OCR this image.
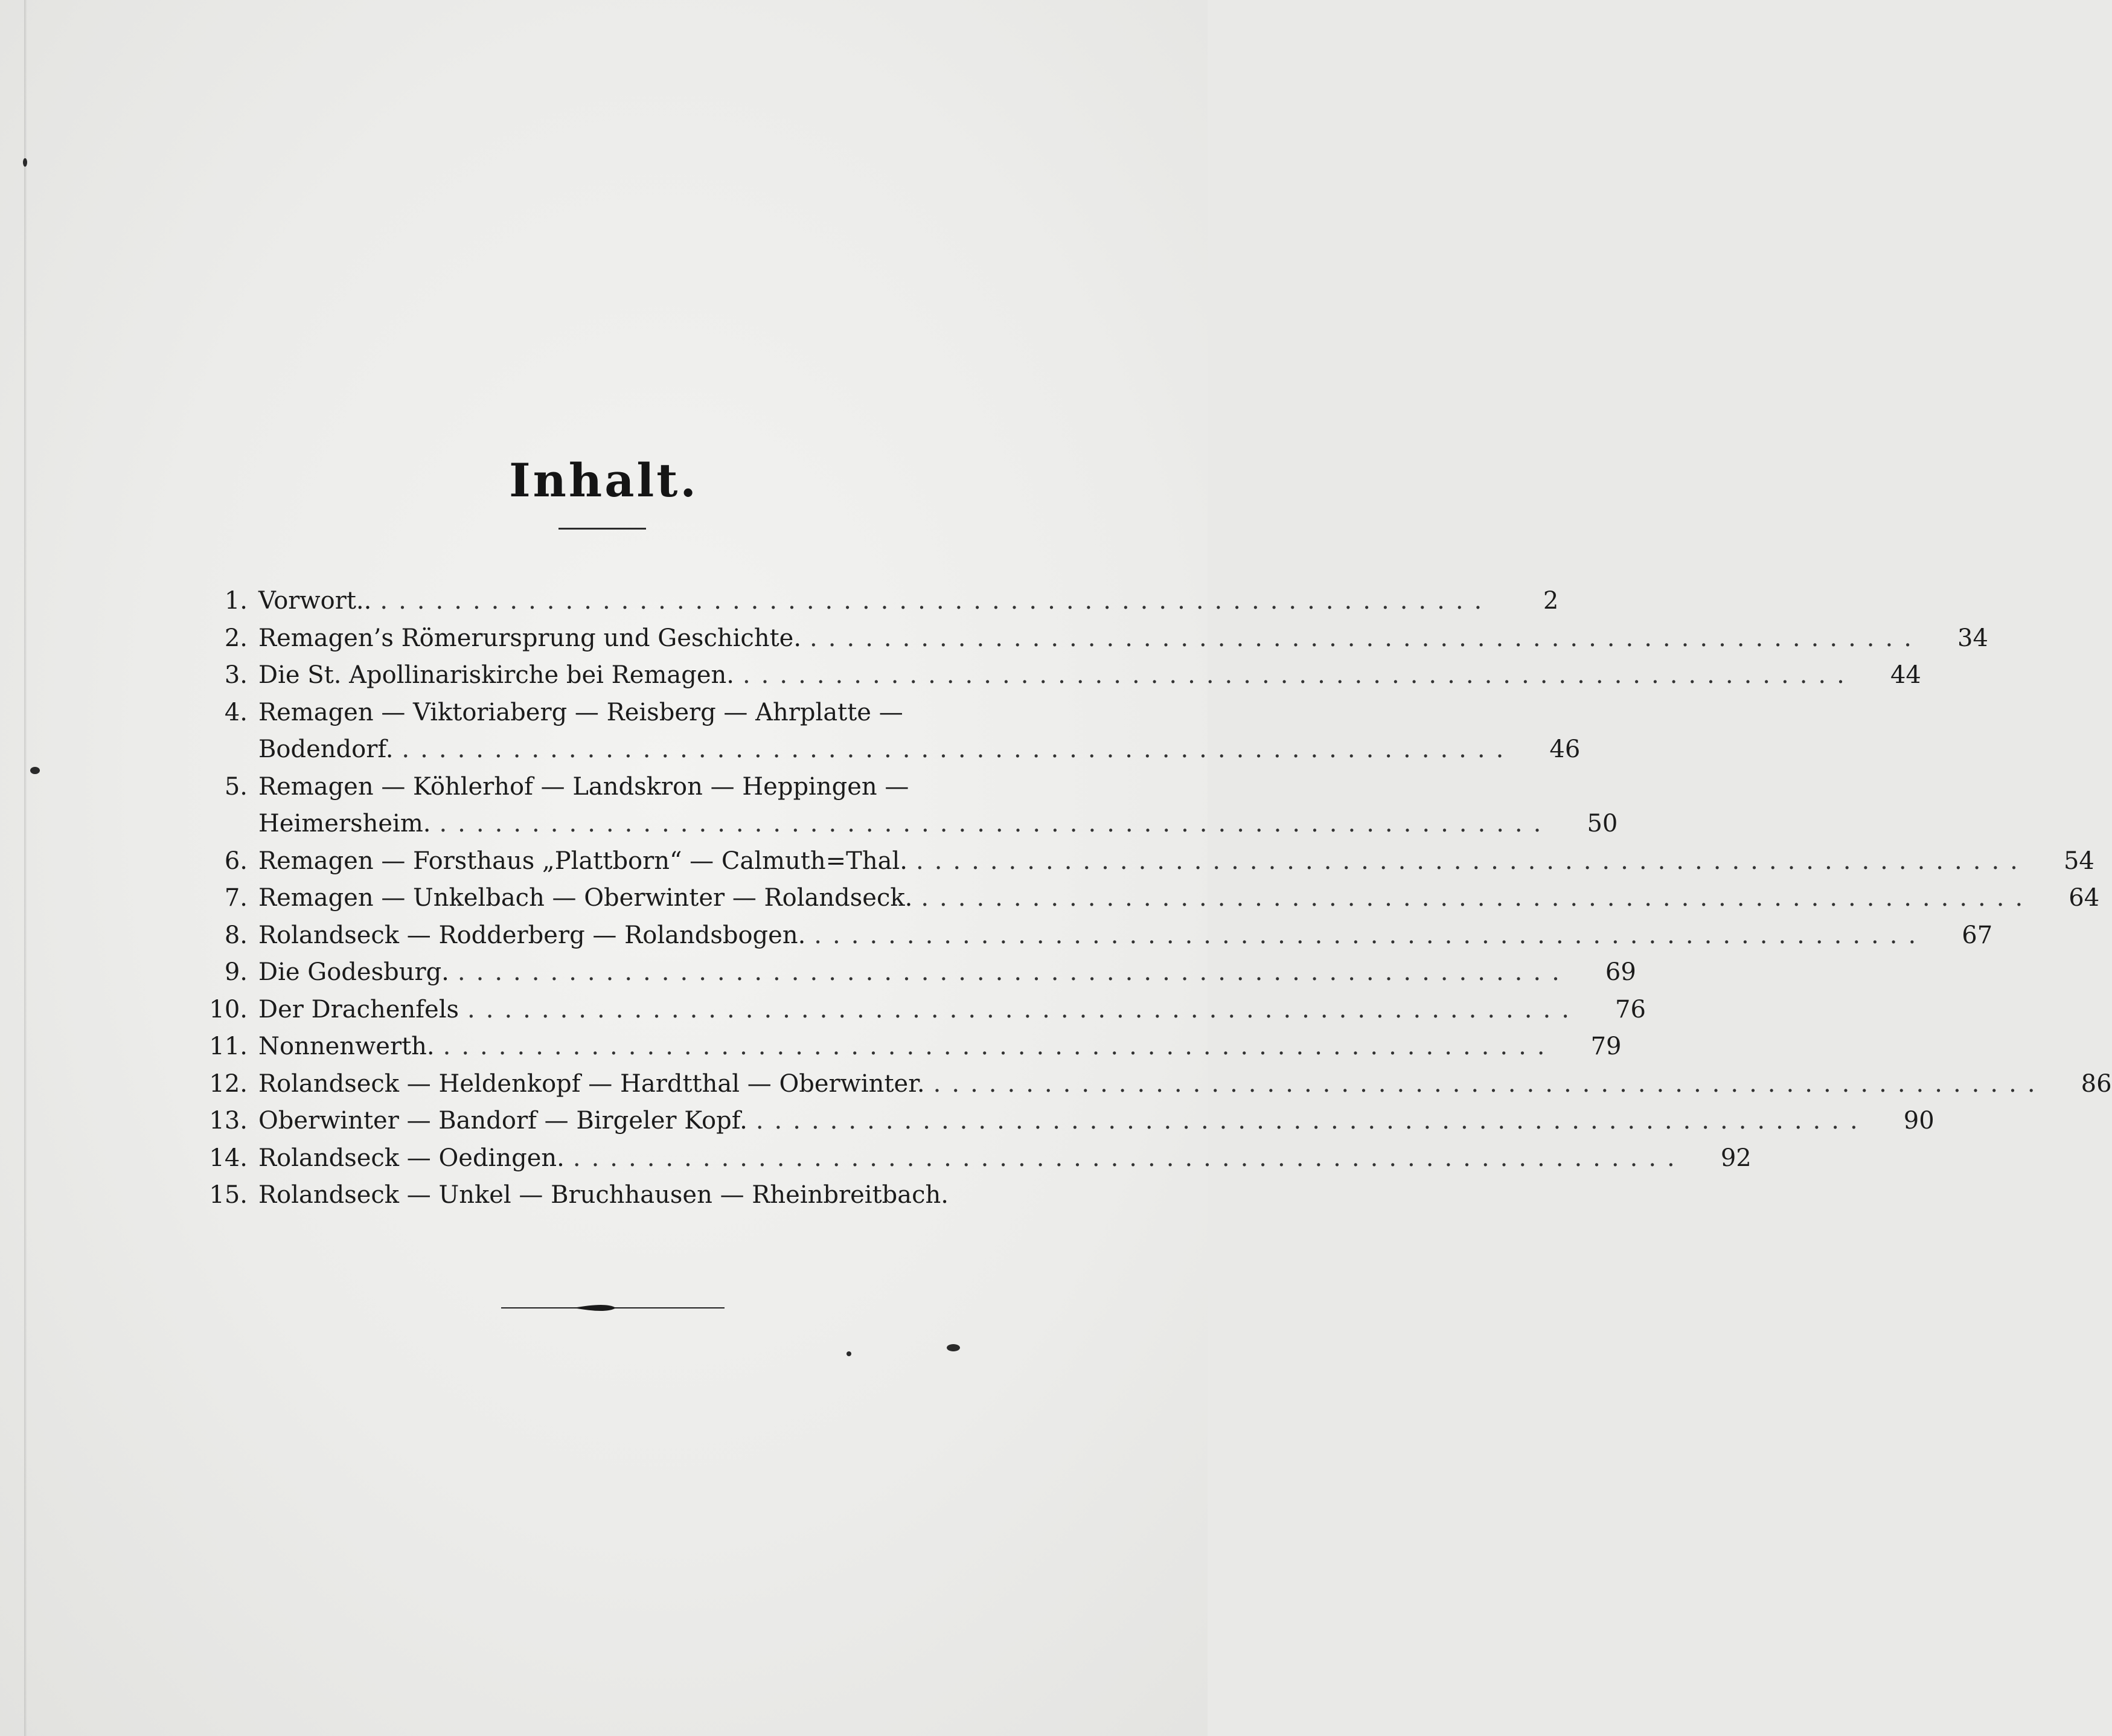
Inhalt.
1. Vorwort.. ............................................................	2
2. Remagen’s Römerursprung und Geschichte. ............................................................	34
3. Die St. Apollinariskirche bei Remagen. ............................................................	44
4. Remagen — Viktoriaberg — Reisberg — Ahrplatte —
Bodendorf. ............................................................	46
5. Remagen — Köhlerhof — Landskron — Heppingen —
Heimersheim. ............................................................	50
6. Remagen — Forsthaus „Plattborn“ — Calmuth=Thal. ............................................................	54
7. Remagen — Unkelbach — Oberwinter — Rolandseck. ............................................................	64
8. Rolandseck — Rodderberg — Rolandsbogen. ............................................................	67
9. Die Godesburg. ............................................................	69
10. Der Drachenfels ............................................................	76
11. Nonnenwerth. ............................................................	79
12. Rolandseck — Heldenkopf — Hardtthal — Oberwinter. ............................................................	86
13. Oberwinter — Bandorf — Birgeler Kopf. ............................................................	90
14. Rolandseck — Oedingen. ............................................................	92
15. Rolandseck — Unkel — Bruchhausen — Rheinbreitbach.
